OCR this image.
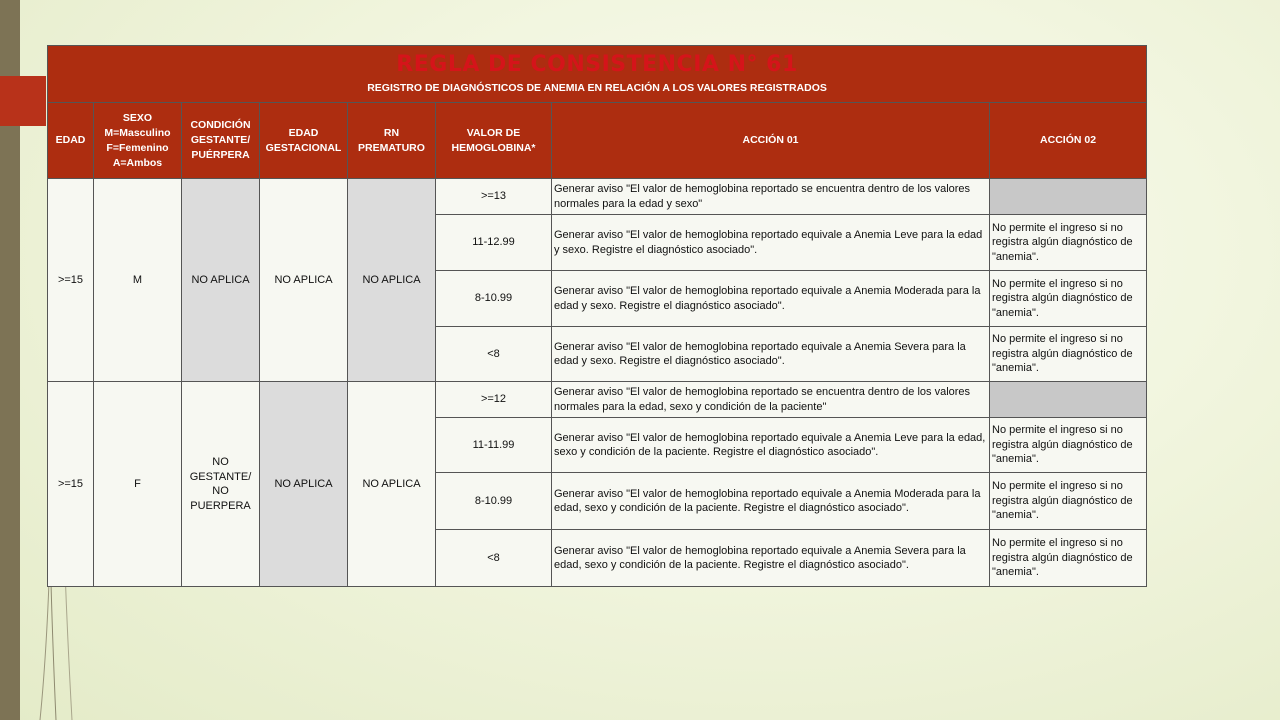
REGLA DE CONSISTENCIA N° 61
REGISTRO DE DIAGNÓSTICOS DE ANEMIA EN RELACIÓN A LOS VALORES REGISTRADOS							

EDAD	SEXO M=Masculino F=Femenino A=Ambos	CONDICIÓN GESTANTE/ PUÉRPERA	EDAD GESTACIONAL	RN PREMATURO	VALOR DE HEMOGLOBINA*	ACCIÓN 01	ACCIÓN 02
>=15	M	NO APLICA	NO APLICA	NO APLICA	>=13	Generar aviso "El valor de hemoglobina reportado se encuentra dentro de los valores normales para la edad y sexo"	
					11-12.99	Generar aviso "El valor de hemoglobina reportado equivale a Anemia Leve para la edad y sexo. Registre el diagnóstico asociado".	No permite el ingreso si no registra algún diagnóstico de "anemia".
					8-10.99	Generar aviso "El valor de hemoglobina reportado equivale a Anemia Moderada para la edad y sexo. Registre el diagnóstico asociado".	No permite el ingreso si no registra algún diagnóstico de "anemia".
					<8	Generar aviso "El valor de hemoglobina reportado equivale a Anemia Severa para la edad y sexo. Registre el diagnóstico asociado".	No permite el ingreso si no registra algún diagnóstico de "anemia".
>=15	F	NO GESTANTE/ NO PUERPERA	NO APLICA	NO APLICA	>=12	Generar aviso "El valor de hemoglobina reportado se encuentra dentro de los valores normales para la edad, sexo y condición de la paciente"	
					11-11.99	Generar aviso "El valor de hemoglobina reportado equivale a Anemia Leve para la edad, sexo y condición de la paciente. Registre el diagnóstico asociado".	No permite el ingreso si no registra algún diagnóstico de "anemia".
					8-10.99	Generar aviso "El valor de hemoglobina reportado equivale a Anemia Moderada para la edad, sexo y condición de la paciente. Registre el diagnóstico asociado".	No permite el ingreso si no registra algún diagnóstico de "anemia".
					<8	Generar aviso "El valor de hemoglobina reportado equivale a Anemia Severa para la edad, sexo y condición de la paciente. Registre el diagnóstico asociado".	No permite el ingreso si no registra algún diagnóstico de "anemia".
